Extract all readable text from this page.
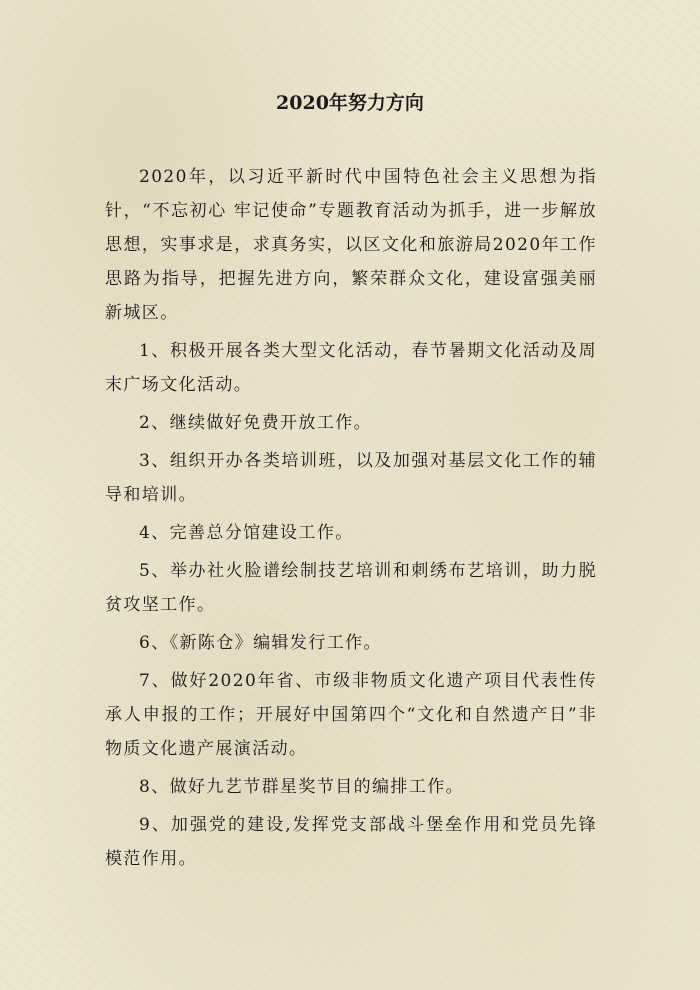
2020年努力方向

2020年，以习近平新时代中国特色社会主义思想为指针，“不忘初心 牢记使命”专题教育活动为抓手，进一步解放思想，实事求是，求真务实，以区文化和旅游局2020年工作思路为指导，把握先进方向，繁荣群众文化，建设富强美丽新城区。

1、积极开展各类大型文化活动，春节暑期文化活动及周末广场文化活动。

2、继续做好免费开放工作。

3、组织开办各类培训班，以及加强对基层文化工作的辅导和培训。

4、完善总分馆建设工作。

5、举办社火脸谱绘制技艺培训和刺绣布艺培训，助力脱贫攻坚工作。

6、《新陈仓》编辑发行工作。

7、做好2020年省、市级非物质文化遗产项目代表性传承人申报的工作；开展好中国第四个“文化和自然遗产日”非物质文化遗产展演活动。

8、做好九艺节群星奖节目的编排工作。

9、加强党的建设,发挥党支部战斗堡垒作用和党员先锋模范作用。
